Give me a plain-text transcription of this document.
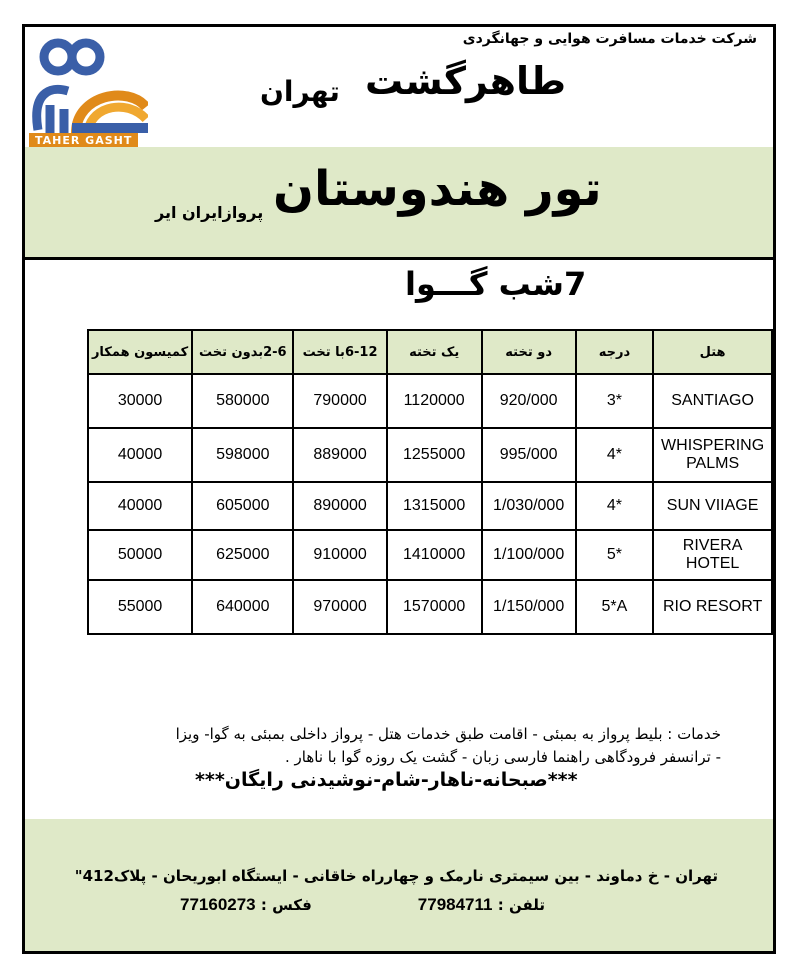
TAHER GASHT
شرکت خدمات مسافرت هوایی و جهانگردی
طاهرگشت
تهران
تور هندوستان
پروازایران ایر
7شب گـــوا
کمیسون همکار	2-6بدون تخت	6-12با تخت	یک تخته	دو تخته	درجه	هتل
30000	580000	790000	1120000	920/000	3*	SANTIAGO
40000	598000	889000	1255000	995/000	4*	WHISPERING PALMS
40000	605000	890000	1315000	1/030/000	4*	SUN VIIAGE
50000	625000	910000	1410000	1/100/000	5*	RIVERA HOTEL
55000	640000	970000	1570000	1/150/000	5*A	RIO RESORT
خدمات : بلیط پرواز به بمبئی - اقامت طبق خدمات هتل - پرواز داخلی بمبئی به گوا- ویزا
- ترانسفر فرودگاهی راهنما فارسی زبان - گشت یک روزه گوا با ناهار .
***صبحانه-ناهار-شام-نوشیدنی رایگان***
تهران - خ دماوند - بین سیمتری نارمک و چهارراه خاقانی - ایستگاه ابوریحان - پلاک412"
تلفن : 77984711
فکس : 77160273
